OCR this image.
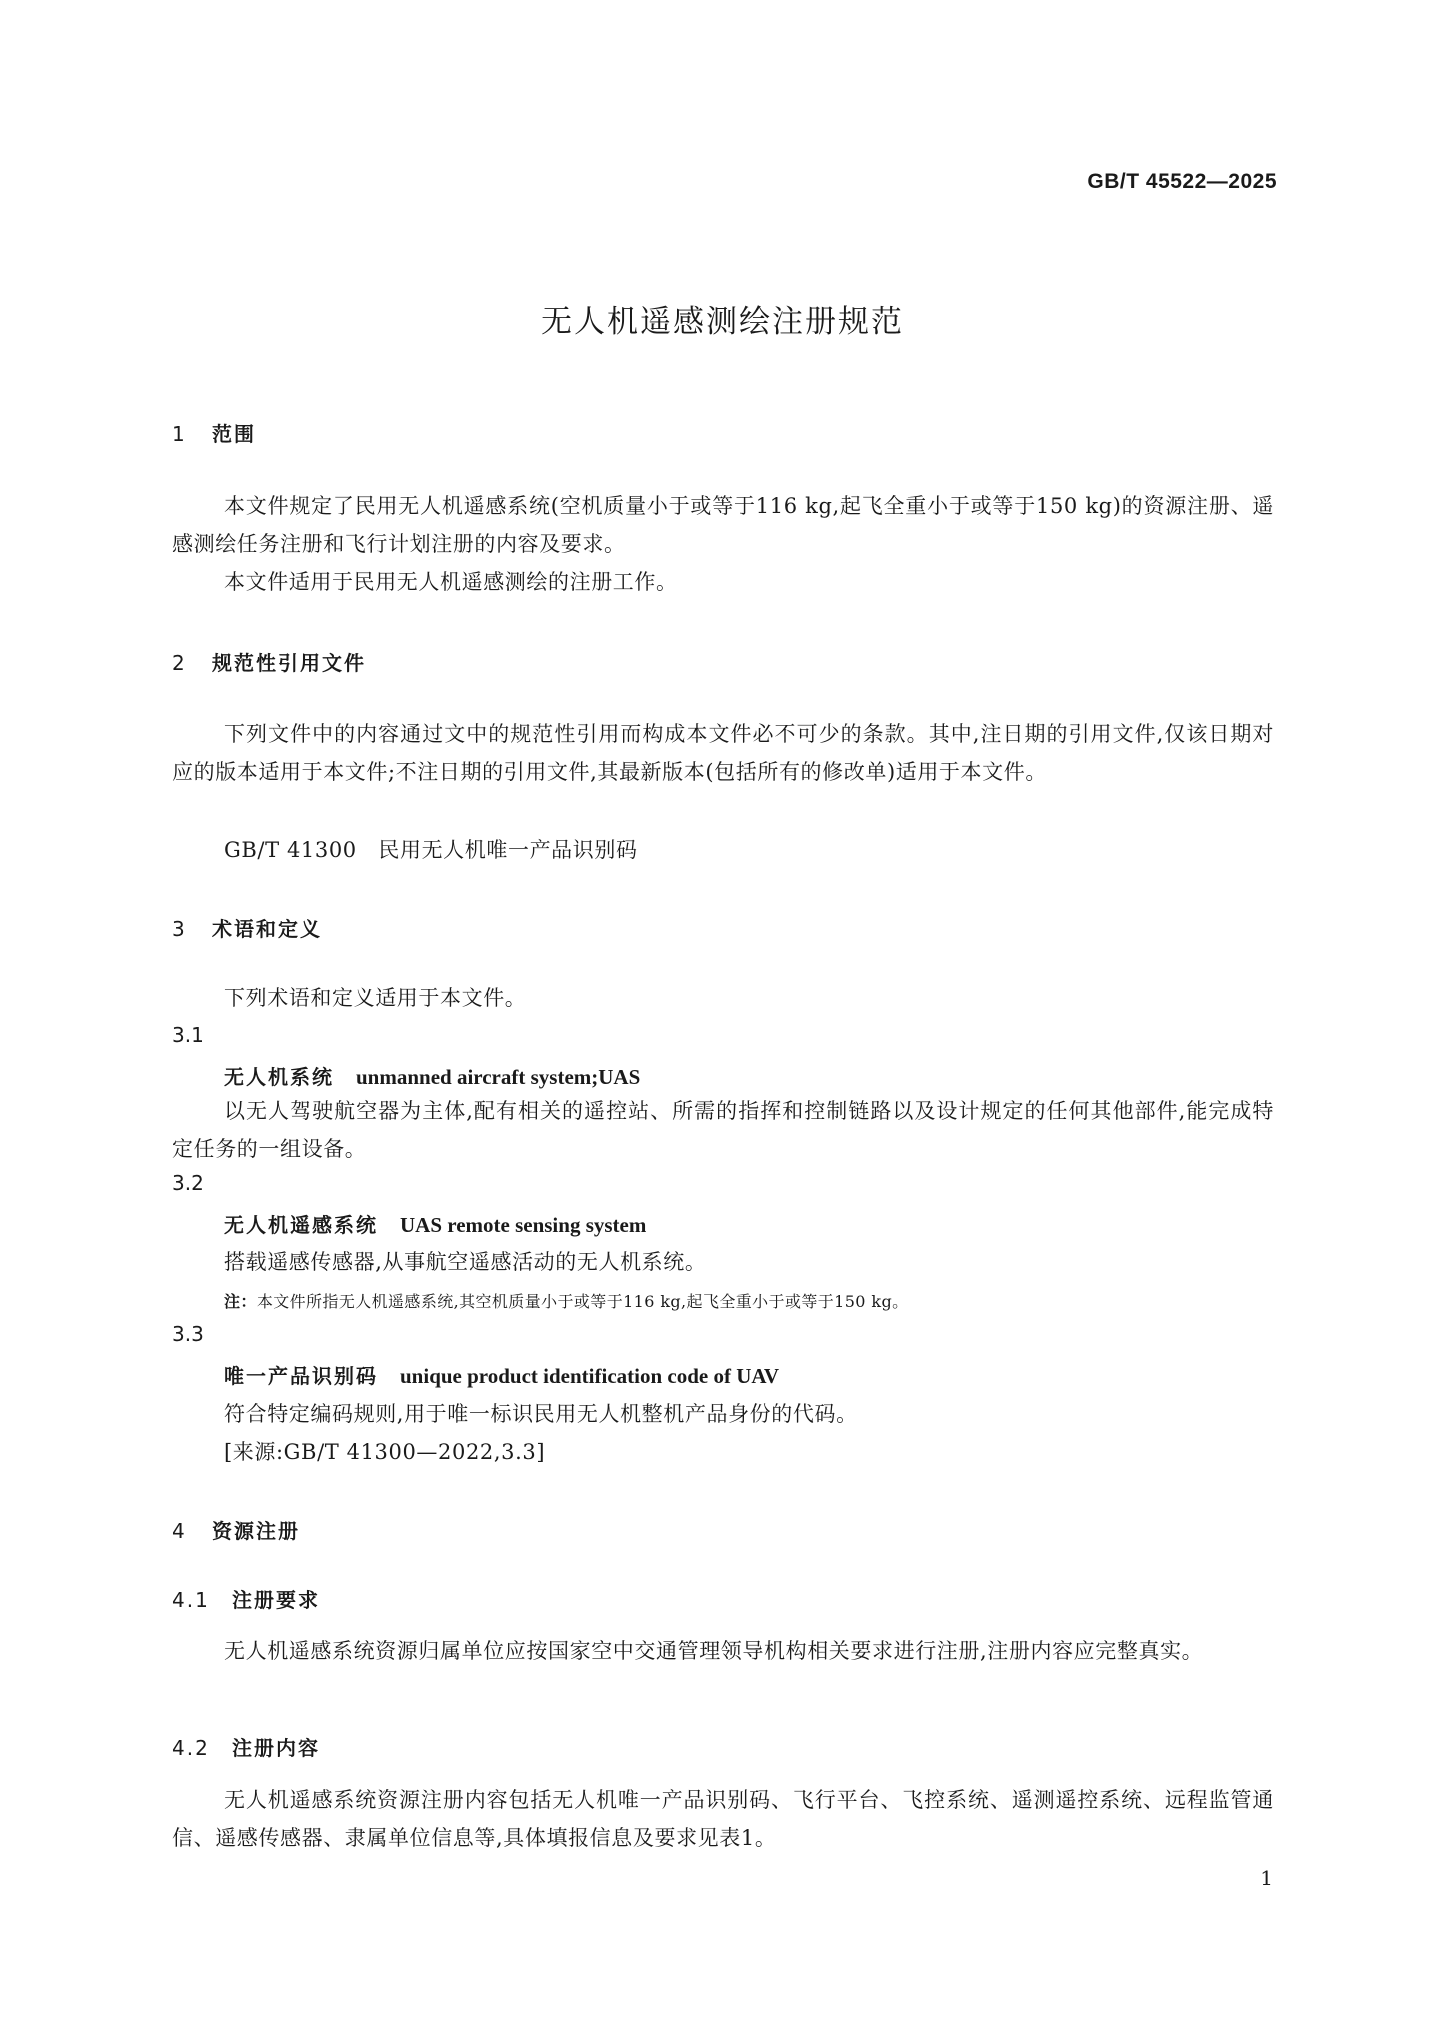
GB/T 45522—2025
无人机遥感测绘注册规范
1 范围
本文件规定了民用无人机遥感系统(空机质量小于或等于116 kg,起飞全重小于或等于150 kg)的资源注册、遥感测绘任务注册和飞行计划注册的内容及要求。
本文件适用于民用无人机遥感测绘的注册工作。
2 规范性引用文件
下列文件中的内容通过文中的规范性引用而构成本文件必不可少的条款。其中,注日期的引用文件,仅该日期对应的版本适用于本文件;不注日期的引用文件,其最新版本(包括所有的修改单)适用于本文件。
GB/T 41300　民用无人机唯一产品识别码
3 术语和定义
下列术语和定义适用于本文件。
3.1
无人机系统 unmanned aircraft system;UAS
以无人驾驶航空器为主体,配有相关的遥控站、所需的指挥和控制链路以及设计规定的任何其他部件,能完成特定任务的一组设备。
3.2
无人机遥感系统 UAS remote sensing system
搭载遥感传感器,从事航空遥感活动的无人机系统。
注：本文件所指无人机遥感系统,其空机质量小于或等于116 kg,起飞全重小于或等于150 kg。
3.3
唯一产品识别码 unique product identification code of UAV
符合特定编码规则,用于唯一标识民用无人机整机产品身份的代码。
[来源:GB/T 41300—2022,3.3]
4 资源注册
4.1 注册要求
无人机遥感系统资源归属单位应按国家空中交通管理领导机构相关要求进行注册,注册内容应完整真实。
4.2 注册内容
无人机遥感系统资源注册内容包括无人机唯一产品识别码、飞行平台、飞控系统、遥测遥控系统、远程监管通信、遥感传感器、隶属单位信息等,具体填报信息及要求见表1。
1
